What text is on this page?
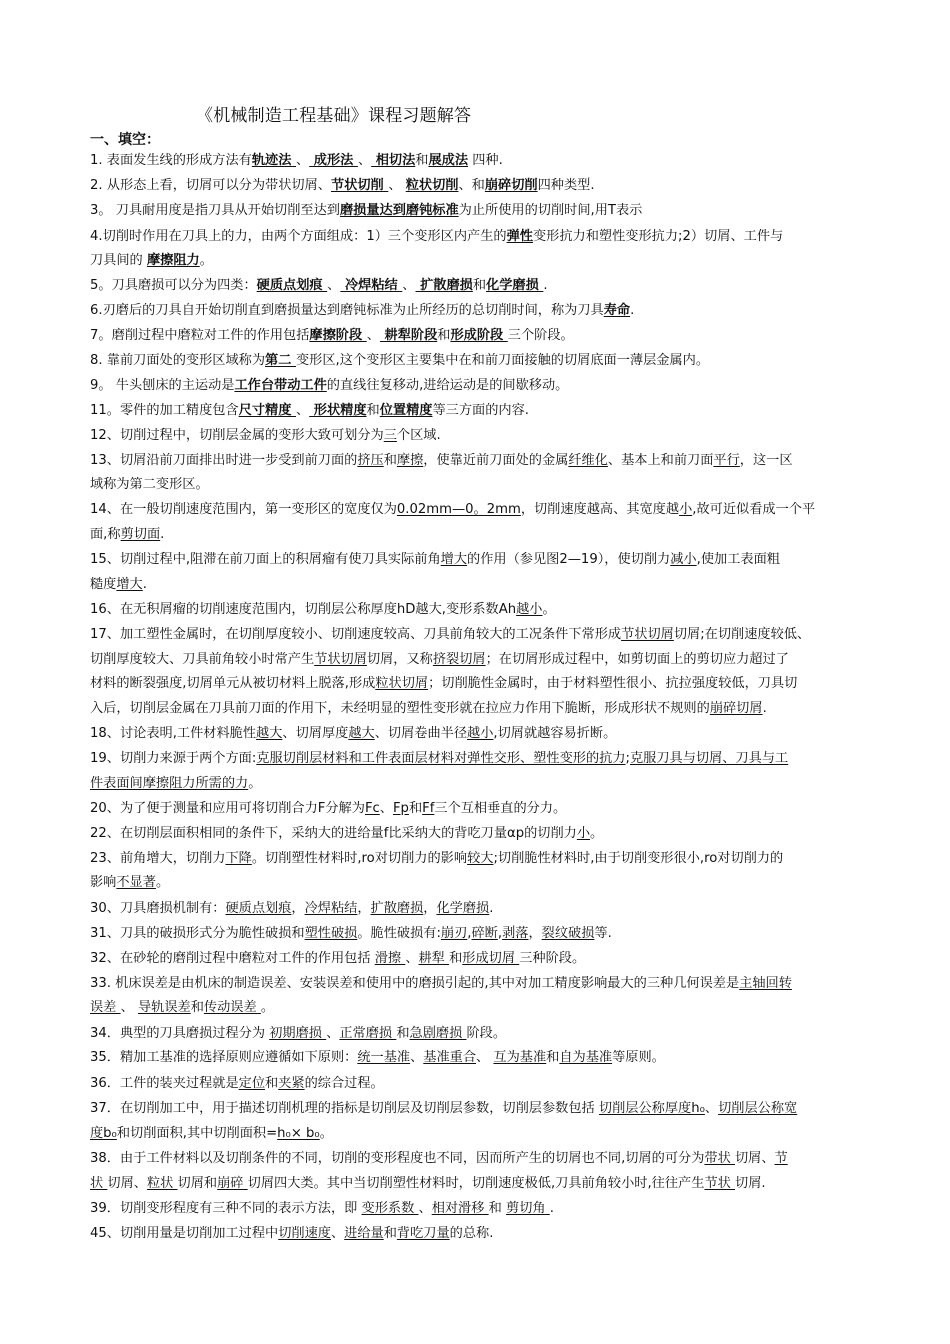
《机械制造工程基础》课程习题解答
一、填空：
1. 表面发生线的形成方法有轨迹法 、 成形法 、 相切法和展成法 四种.
2. 从形态上看，切屑可以分为带状切屑、节状切削 、 粒状切削、和崩碎切削四种类型.
3。 刀具耐用度是指刀具从开始切削至达到磨损量达到磨钝标准为止所使用的切削时间,用T表示
4.切削时作用在刀具上的力，由两个方面组成：1）三个变形区内产生的弹性变形抗力和塑性变形抗力;2）切屑、工件与
刀具间的 摩擦阻力。
5。刀具磨损可以分为四类：硬质点划痕 、 冷焊粘结 、 扩散磨损和化学磨损 .
6.刃磨后的刀具自开始切削直到磨损量达到磨钝标准为止所经历的总切削时间，称为刀具寿命.
7。磨削过程中磨粒对工件的作用包括摩擦阶段 、 耕犁阶段和形成阶段 三个阶段。
8. 靠前刀面处的变形区域称为第二 变形区,这个变形区主要集中在和前刀面接触的切屑底面一薄层金属内。
9。 牛头刨床的主运动是工作台带动工件的直线往复移动,进给运动是的间歇移动。
11。零件的加工精度包含尺寸精度 、 形状精度和位置精度等三方面的内容.
12、切削过程中，切削层金属的变形大致可划分为三个区域.
13、切屑沿前刀面排出时进一步受到前刀面的挤压和摩擦，使靠近前刀面处的金属纤维化、基本上和前刀面平行，这一区
域称为第二变形区。
14、在一般切削速度范围内，第一变形区的宽度仅为0.02mm—0。2mm，切削速度越高、其宽度越小,故可近似看成一个平
面,称剪切面.
15、切削过程中,阻滞在前刀面上的积屑瘤有使刀具实际前角增大的作用（参见图2—19），使切削力减小,使加工表面粗
糙度增大.
16、在无积屑瘤的切削速度范围内，切削层公称厚度hD越大,变形系数Ah越小。
17、加工塑性金属时，在切削厚度较小、切削速度较高、刀具前角较大的工况条件下常形成节状切屑切屑;在切削速度较低、
切削厚度较大、刀具前角较小时常产生节状切屑切屑，又称挤裂切屑；在切屑形成过程中，如剪切面上的剪切应力超过了
材料的断裂强度,切屑单元从被切材料上脱落,形成粒状切屑；切削脆性金属时，由于材料塑性很小、抗拉强度较低，刀具切
入后，切削层金属在刀具前刀面的作用下，未经明显的塑性变形就在拉应力作用下脆断，形成形状不规则的崩碎切屑.
18、讨论表明,工件材料脆性越大、切屑厚度越大、切屑卷曲半径越小,切屑就越容易折断。
19、切削力来源于两个方面:克服切削层材料和工件表面层材料对弹性交形、塑性变形的抗力;克服刀具与切屑、刀具与工
件表面间摩擦阻力所需的力。
20、为了便于测量和应用可将切削合力F分解为Fc、Fp和Ff三个互相垂直的分力。
22、在切削层面积相同的条件下，采纳大的进给量f比采纳大的背吃刀量αp的切削力小。
23、前角增大，切削力下降。切削塑性材料时,ro对切削力的影响较大;切削脆性材料时,由于切削变形很小,ro对切削力的
影响不显著。
30、刀具磨损机制有：硬质点划痕，冷焊粘结，扩散磨损，化学磨损.
31、刀具的破损形式分为脆性破损和塑性破损。脆性破损有:崩刃,碎断,剥落，裂纹破损等.
32、在砂轮的磨削过程中磨粒对工件的作用包括 滑擦 、耕犁 和形成切屑 三种阶段。
33. 机床误差是由机床的制造误差、安装误差和使用中的磨损引起的,其中对加工精度影响最大的三种几何误差是主轴回转
误差 、 导轨误差和传动误差 。
34．典型的刀具磨损过程分为 初期磨损 、正常磨损 和急剧磨损 阶段。
35．精加工基准的选择原则应遵循如下原则：统一基准、基准重合、 互为基准和自为基准等原则。
36．工件的装夹过程就是定位和夹紧的综合过程。
37．在切削加工中，用于描述切削机理的指标是切削层及切削层参数，切削层参数包括 切削层公称厚度h₀、切削层公称宽
度b₀和切削面积,其中切削面积=h₀× b₀。
38．由于工件材料以及切削条件的不同，切削的变形程度也不同，因而所产生的切屑也不同,切屑的可分为带状 切屑、节
状 切屑、粒状 切屑和崩碎 切屑四大类。其中当切削塑性材料时，切削速度极低,刀具前角较小时,往往产生节状 切屑.
39．切削变形程度有三种不同的表示方法，即 变形系数 、相对滑移 和 剪切角 .
45、切削用量是切削加工过程中切削速度、进给量和背吃刀量的总称.
